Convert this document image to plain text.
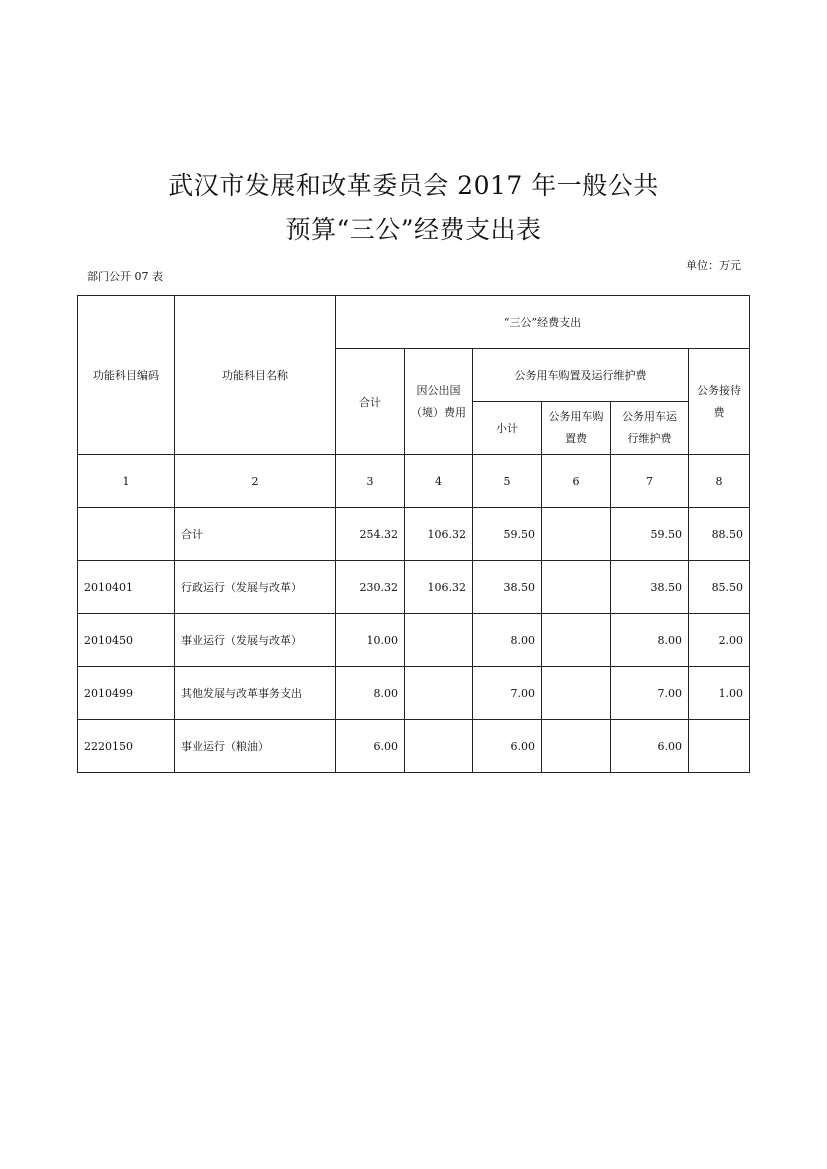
武汉市发展和改革委员会 2017 年一般公共
预算“三公”经费支出表
部门公开 07 表
单位：万元
功能科目编码	功能科目名称	“三公”经费支出					
		合计	因公出国（境）费用	公务用车购置及运行维护费			公务接待费
				小计	公务用车购置费	公务用车运行维护费	
1	2	3	4	5	6	7	8
	合计	254.32	106.32	59.50		59.50	88.50
2010401	行政运行（发展与改革）	230.32	106.32	38.50		38.50	85.50
2010450	事业运行（发展与改革）	10.00		8.00		8.00	2.00
2010499	其他发展与改革事务支出	8.00		7.00		7.00	1.00
2220150	事业运行（粮油）	6.00		6.00		6.00	
